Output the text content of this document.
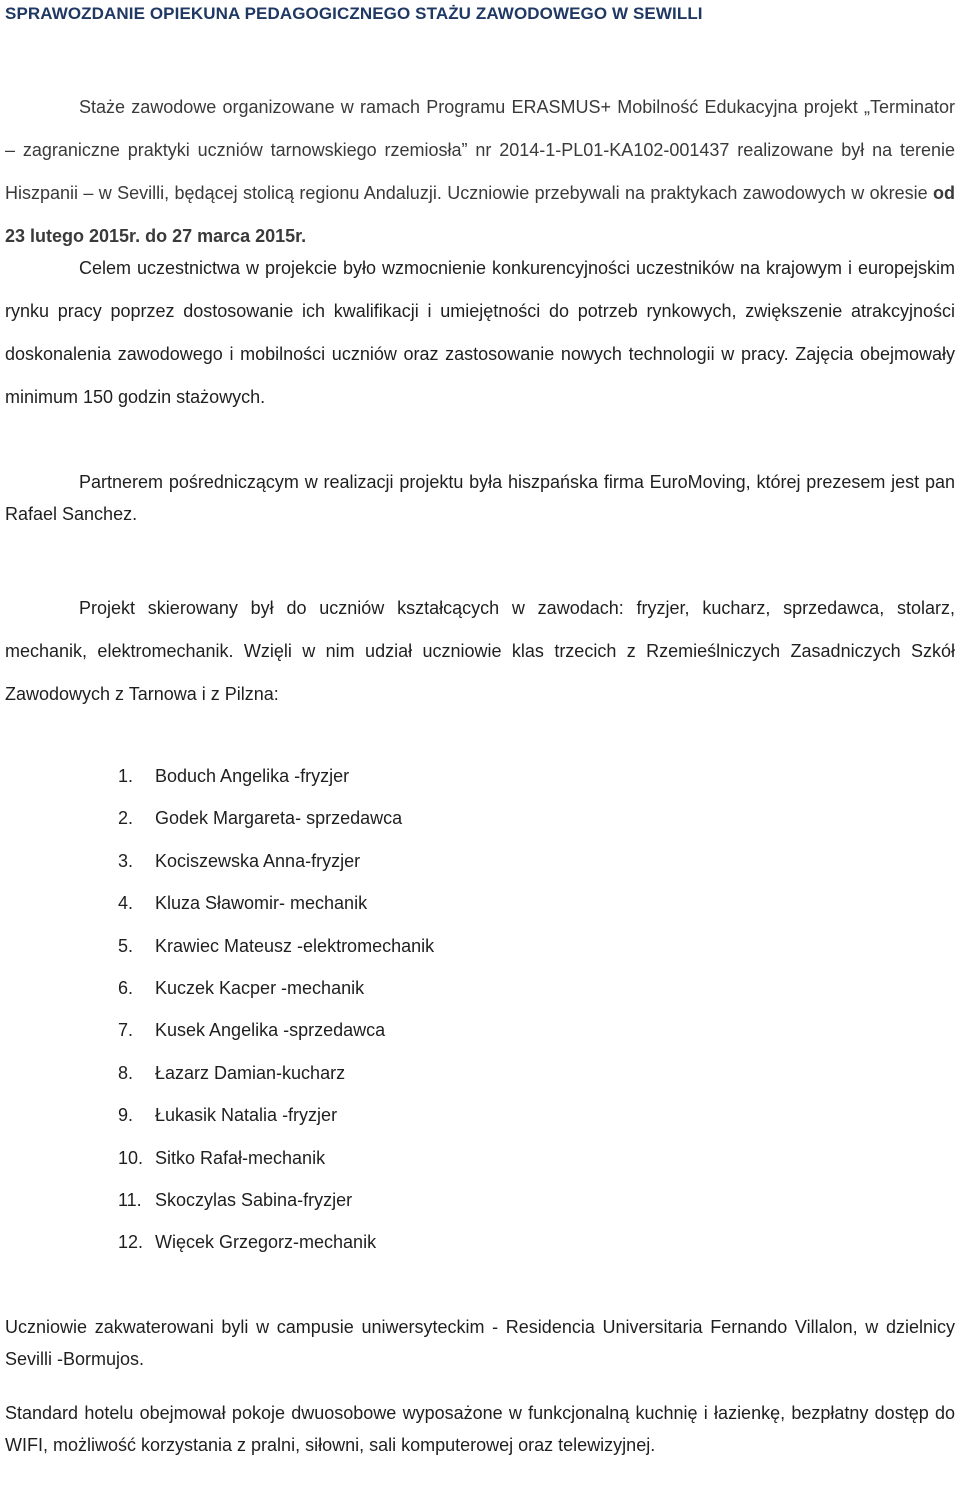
SPRAWOZDANIE OPIEKUNA PEDAGOGICZNEGO STAŻU ZAWODOWEGO W SEWILLI
Staże zawodowe organizowane w ramach Programu ERASMUS+ Mobilność Edukacyjna projekt „Terminator – zagraniczne praktyki uczniów tarnowskiego rzemiosła” nr 2014-1-PL01-KA102-001437 realizowane był na terenie Hiszpanii – w Sevilli, będącej stolicą regionu Andaluzji. Uczniowie przebywali na praktykach zawodowych w okresie od 23 lutego 2015r. do 27 marca 2015r.
Celem uczestnictwa w projekcie było wzmocnienie konkurencyjności uczestników na krajowym i europejskim rynku pracy poprzez dostosowanie ich kwalifikacji i umiejętności do potrzeb rynkowych, zwiększenie atrakcyjności doskonalenia zawodowego i mobilności uczniów oraz zastosowanie nowych technologii w pracy. Zajęcia obejmowały minimum 150 godzin stażowych.
Partnerem pośredniczącym w realizacji projektu była hiszpańska firma EuroMoving, której prezesem jest pan Rafael Sanchez.
Projekt skierowany był do uczniów kształcących w zawodach: fryzjer, kucharz, sprzedawca, stolarz, mechanik, elektromechanik. Wzięli w nim udział uczniowie klas trzecich z Rzemieślniczych Zasadniczych Szkół Zawodowych z Tarnowa i z Pilzna:
1. Boduch Angelika -fryzjer
2. Godek Margareta- sprzedawca
3. Kociszewska Anna-fryzjer
4. Kluza Sławomir- mechanik
5. Krawiec Mateusz -elektromechanik
6. Kuczek Kacper -mechanik
7. Kusek Angelika -sprzedawca
8. Łazarz Damian-kucharz
9. Łukasik Natalia -fryzjer
10. Sitko Rafał-mechanik
11. Skoczylas Sabina-fryzjer
12. Więcek Grzegorz-mechanik
Uczniowie zakwaterowani byli w campusie uniwersyteckim - Residencia Universitaria Fernando Villalon, w dzielnicy Sevilli -Bormujos.
Standard hotelu obejmował pokoje dwuosobowe wyposażone w funkcjonalną kuchnię i łazienkę, bezpłatny dostęp do WIFI, możliwość korzystania z pralni, siłowni, sali komputerowej oraz telewizyjnej.
